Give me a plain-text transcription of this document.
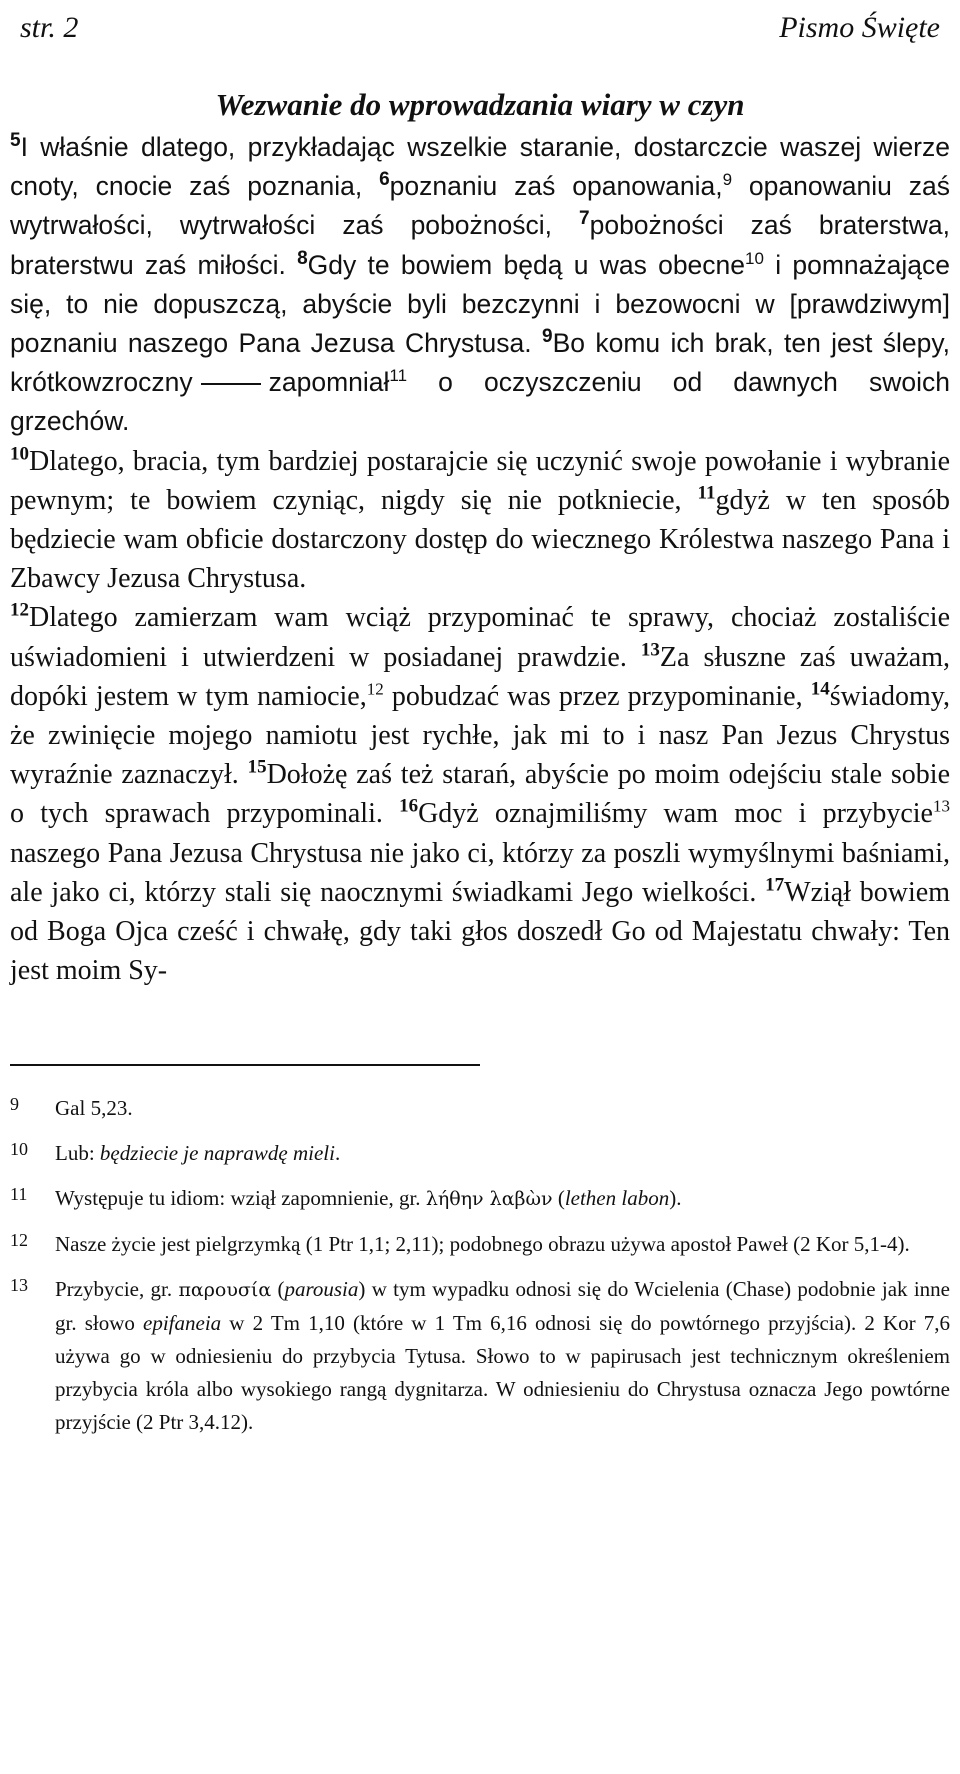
str. 2	Pismo Święte
Wezwanie do wprowadzania wiary w czyn

$^5$I właśnie dlatego, przykładając wszelkie staranie, dostarczcie waszej wierze cnoty, cnocie zaś poznania, $^6$poznaniu zaś opanowania,$^9$ opanowaniu zaś wytrwałości, wytrwałości zaś pobożności, $^7$pobożności zaś braterstwa, braterstwu zaś miłości. $^8$Gdy te bowiem będą u was obecne$^{10}$ i pomnażające się, to nie dopuszczą, abyście byli bezczynni i bezowocni w [prawdziwym] poznaniu naszego Pana Jezusa Chrystusa. $^9$Bo komu ich brak, ten jest ślepy, krótkowzroczny	zapomniał$^{11}$ o oczyszczeniu od dawnych swoich grzechów.

$^{10}$Dlatego, bracia, tym bardziej postarajcie się uczynić swoje powołanie i wybranie pewnym; te bowiem czyniąc, nigdy się nie potkniecie, $^{11}$gdyż w ten sposób będziecie wam obficie dostarczony dostęp do wiecznego Królestwa naszego Pana i Zbawcy Jezusa Chrystusa.

$^{12}$Dlatego zamierzam wam wciąż przypominać te sprawy, chociaż zostaliście uświadomieni i utwierdzeni w posiadanej prawdzie. $^{13}$Za słuszne zaś uważam, dopóki jestem w tym namiocie,$^{12}$ pobudzać was przez przypominanie, $^{14}$świadomy, że zwinięcie mojego namiotu jest rychłe, jak mi to i nasz Pan Jezus Chrystus wyraźnie zaznaczył. $^{15}$Dołożę zaś też starań, abyście po moim odejściu stale sobie o tych sprawach przypominali. $^{16}$Gdyż oznajmiliśmy wam moc i przybycie$^{13}$ naszego Pana Jezusa Chrystusa nie jako ci, którzy za poszli wymyślnymi baśniami, ale jako ci, którzy stali się naocznymi świadkami Jego wielkości. $^{17}$Wziął bowiem od Boga Ojca cześć i chwałę, gdy taki głos doszedł Go od Majestatu chwały: Ten jest moim Sy-

9	Gal 5,23.
10	Lub: będziecie je naprawdę mieli.
11	Występuje tu idiom: wziął zapomnienie, gr. λήθην λαβὼν (lethen labon).
12	Nasze życie jest pielgrzymką (1 Ptr 1,1; 2,11); podobnego obrazu używa apostoł Paweł (2 Kor 5,1-4).
13	Przybycie, gr. παρουσία (parousia) w tym wypadku odnosi się do Wcielenia (Chase) podobnie jak inne gr. słowo epifaneia w 2 Tm 1,10 (które w 1 Tm 6,16 odnosi się do powtórnego przyjścia). 2 Kor 7,6 używa go w odniesieniu do przybycia Tytusa. Słowo to w papirusach jest technicznym określeniem przybycia króla albo wysokiego rangą dygnitarza. W odniesieniu do Chrystusa oznacza Jego powtórne przyjście (2 Ptr 3,4.12).
